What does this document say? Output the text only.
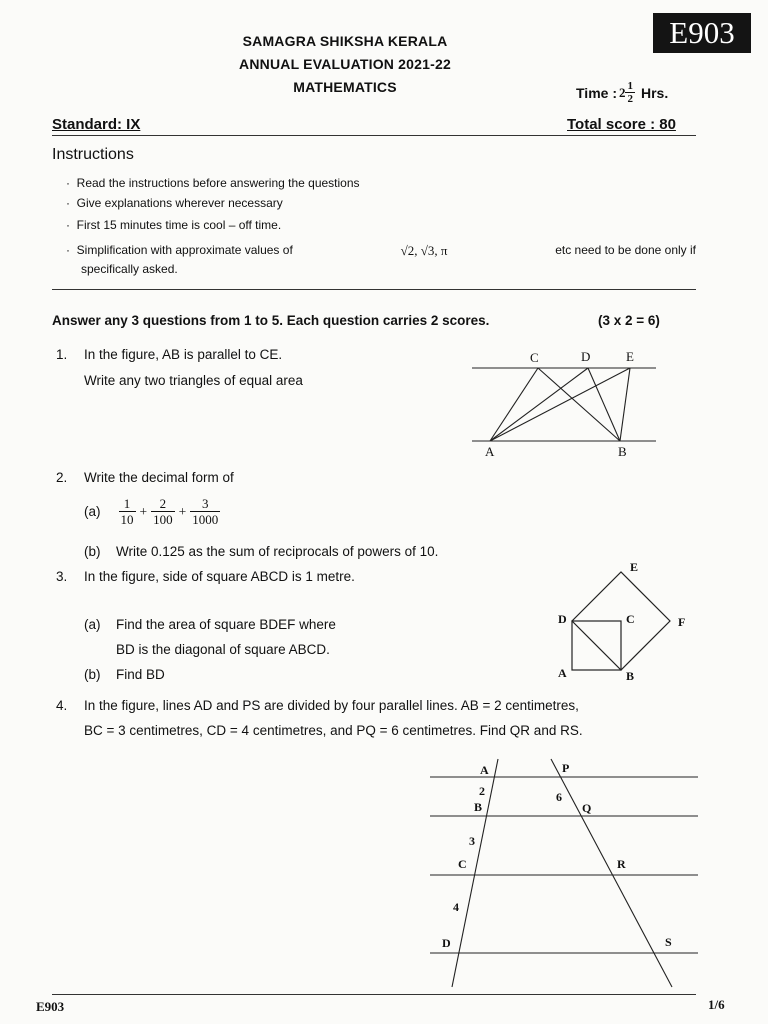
SAMAGRA SHIKSHA KERALA
ANNUAL EVALUATION 2021-22
MATHEMATICS
E903
Time : $2 \frac{1}{2}$ Hrs.
Standard: IX	Total score : 80
Instructions
·  Read the instructions before answering the questions
·  Give explanations wherever necessary
·  First 15 minutes time is cool – off time.
·  Simplification with approximate values of	√2, √3, π	etc need to be done only if
specifically asked.
Answer any 3 questions from 1 to 5. Each question carries 2 scores.	(3 x 2 = 6)
1. In the figure, AB is parallel to CE.
Write any two triangles of equal area
C	D	E
A	B
2. Write the decimal form of
$(a) \frac{1}{10} + \frac{2}{100} + \frac{3}{1000}$
(b) Write 0.125 as the sum of reciprocals of powers of 10.
3. In the figure, side of square ABCD is 1 metre.
(a) Find the area of square BDEF where
BD is the diagonal of square ABCD.
(b) Find BD
E
D	C	F
A	B
4. In the figure, lines AD and PS are divided by four parallel lines. AB = 2 centimetres,
BC = 3 centimetres, CD = 4 centimetres, and PQ = 6 centimetres. Find QR and RS.
A
2
B
3
C
4
D
P
6
Q
R
S
E903	1/6
